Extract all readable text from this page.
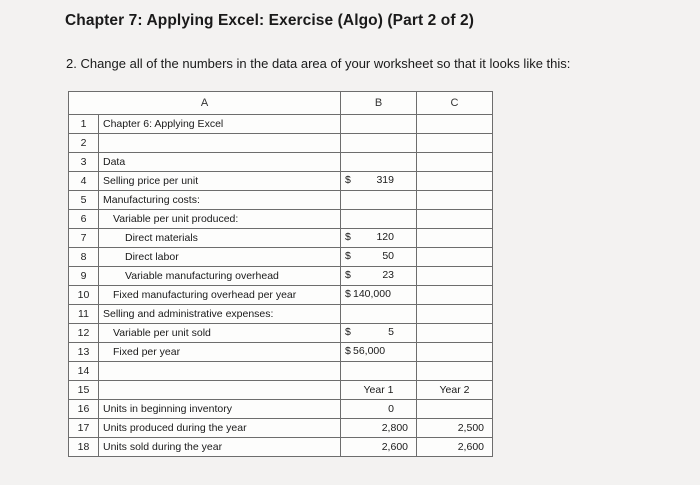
Chapter 7: Applying Excel: Exercise (Algo) (Part 2 of 2)
2. Change all of the numbers in the data area of your worksheet so that it looks like this:
A		B	C
1	Chapter 6: Applying Excel		
2			
3	Data		
4	Selling price per unit	$ 319	

5	Manufacturing costs:		
6	Variable per unit produced:		
7	Direct materials	$ 120	

8	Direct labor	$ 50	

9	Variable manufacturing overhead	$ 23	

10	Fixed manufacturing overhead per year	$ 140,000	

11	Selling and administrative expenses:		
12	Variable per unit sold	$ 5	

13	Fixed per year	$ 56,000	

14			
15		Year 1	Year 2
16	Units in beginning inventory	0	
17	Units produced during the year	2,800	2,500
18	Units sold during the year	2,600	2,600
